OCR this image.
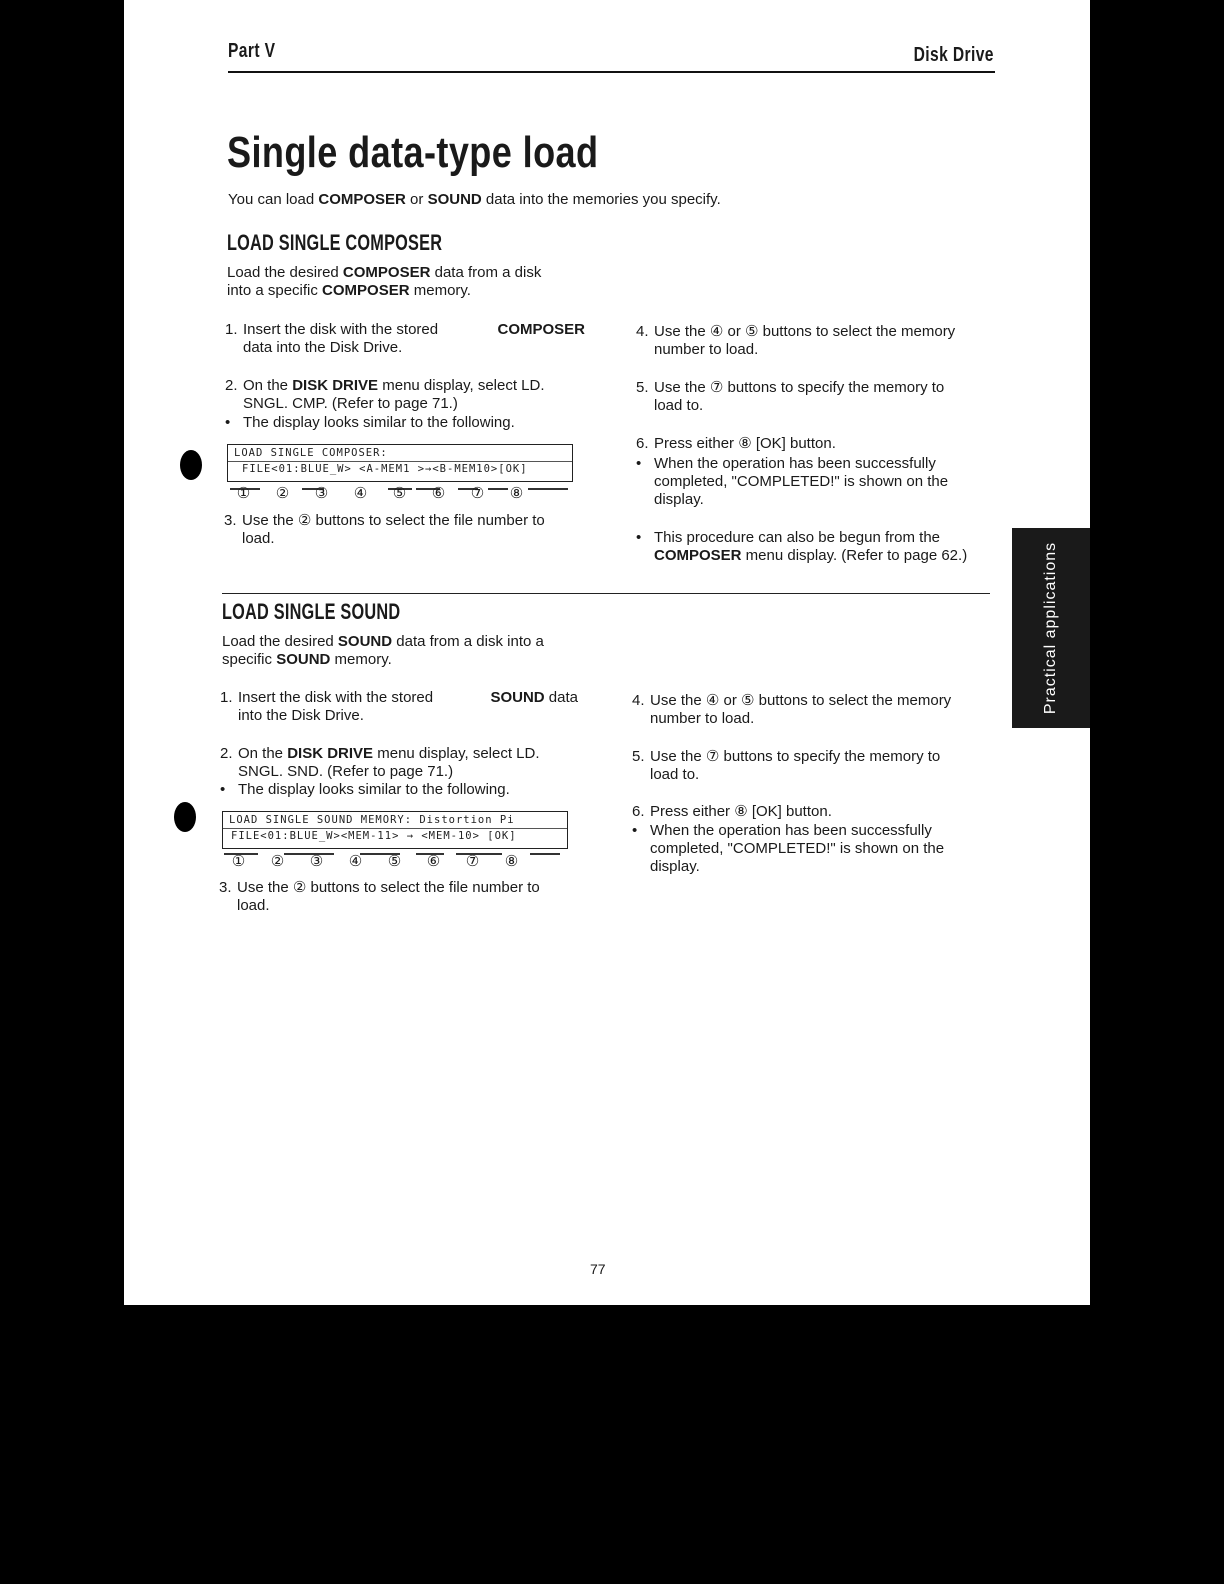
Part V	Disk Drive
Single data-type load
You can load COMPOSER or SOUND data into the memories you specify.
LOAD SINGLE COMPOSER
Load the desired COMPOSER data from a disk
into a specific COMPOSER memory.
1. Insert the disk with the stored	COMPOSER
data into the Disk Drive.
2. On the DISK DRIVE menu display, select LD.
SNGL. CMP. (Refer to page 71.)
• The display looks similar to the following.
LOAD SINGLE COMPOSER:
FILE<01:BLUE_W> <A-MEM1 >→<B-MEM10>[OK]
① ② ③ ④ ⑤ ⑥ ⑦ ⑧
3. Use the ② buttons to select the file number to
load.
4. Use the ④ or ⑤ buttons to select the memory
number to load.
5. Use the ⑦ buttons to specify the memory to
load to.
6. Press either ⑧ [OK] button.
• When the operation has been successfully
completed, "COMPLETED!" is shown on the
display.
• This procedure can also be begun from the
COMPOSER menu display. (Refer to page 62.)
LOAD SINGLE SOUND
Load the desired SOUND data from a disk into a
specific SOUND memory.
1. Insert the disk with the stored	SOUND data
into the Disk Drive.
2. On the DISK DRIVE menu display, select LD.
SNGL. SND. (Refer to page 71.)
• The display looks similar to the following.
LOAD SINGLE SOUND MEMORY: Distortion Pi
FILE<01:BLUE_W><MEM-11> → <MEM-10> [OK]
① ② ③ ④ ⑤ ⑥ ⑦ ⑧
3. Use the ② buttons to select the file number to
load.
4. Use the ④ or ⑤ buttons to select the memory
number to load.
5. Use the ⑦ buttons to specify the memory to
load to.
6. Press either ⑧ [OK] button.
• When the operation has been successfully
completed, "COMPLETED!" is shown on the
display.
Practical applications
77
